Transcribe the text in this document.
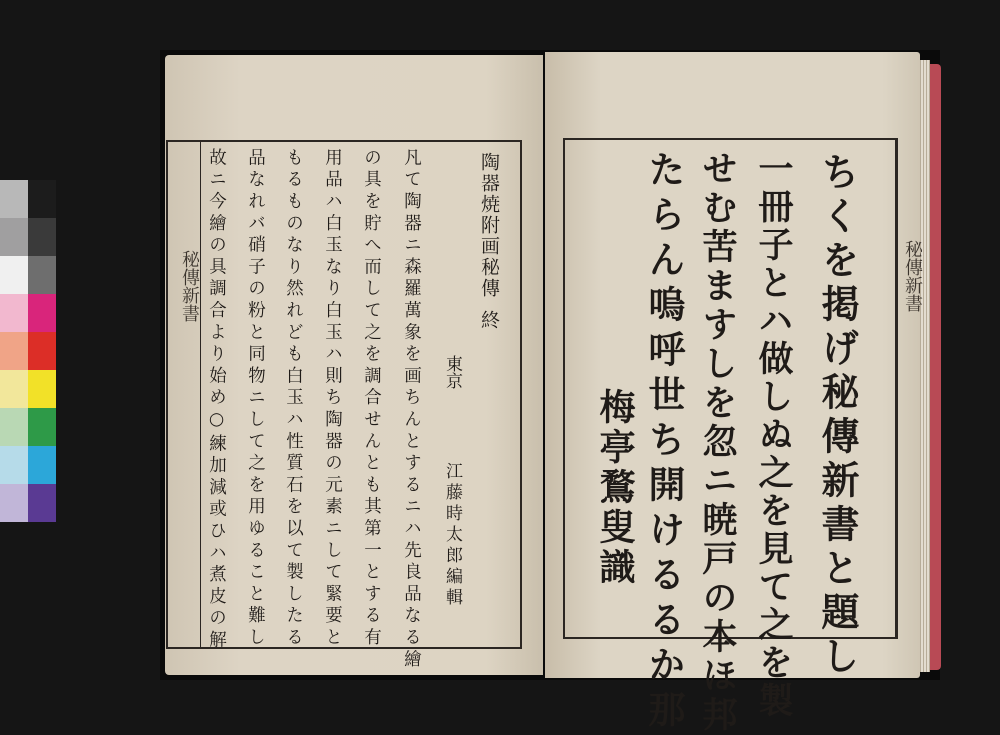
秘傳新書	陶器焼附画秘傳
終
東京
江藤時太郎編輯
凡て陶器ニ森羅萬象を画ちんとするニハ先良品なる繪
の具を貯へ而して之を調合せんとも其第一とする有
用品ハ白玉なり白玉ハ則ち陶器の元素ニして緊要と
もるものなり然れども白玉ハ性質石を以て製したる
品なれバ硝子の粉と同物ニして之を用ゆること難し
故ニ今繪の具調合より始め○練加減或ひハ煮皮の解	秘傳新書
ちくを掲げ秘傳新書と題し
一冊子とハ做しぬ之を見て之を製
せむ苦ますしを忽ニ暁戸の本ほ邦
たらん嗚呼世ち開けるるか那
梅亭鶩叟識
